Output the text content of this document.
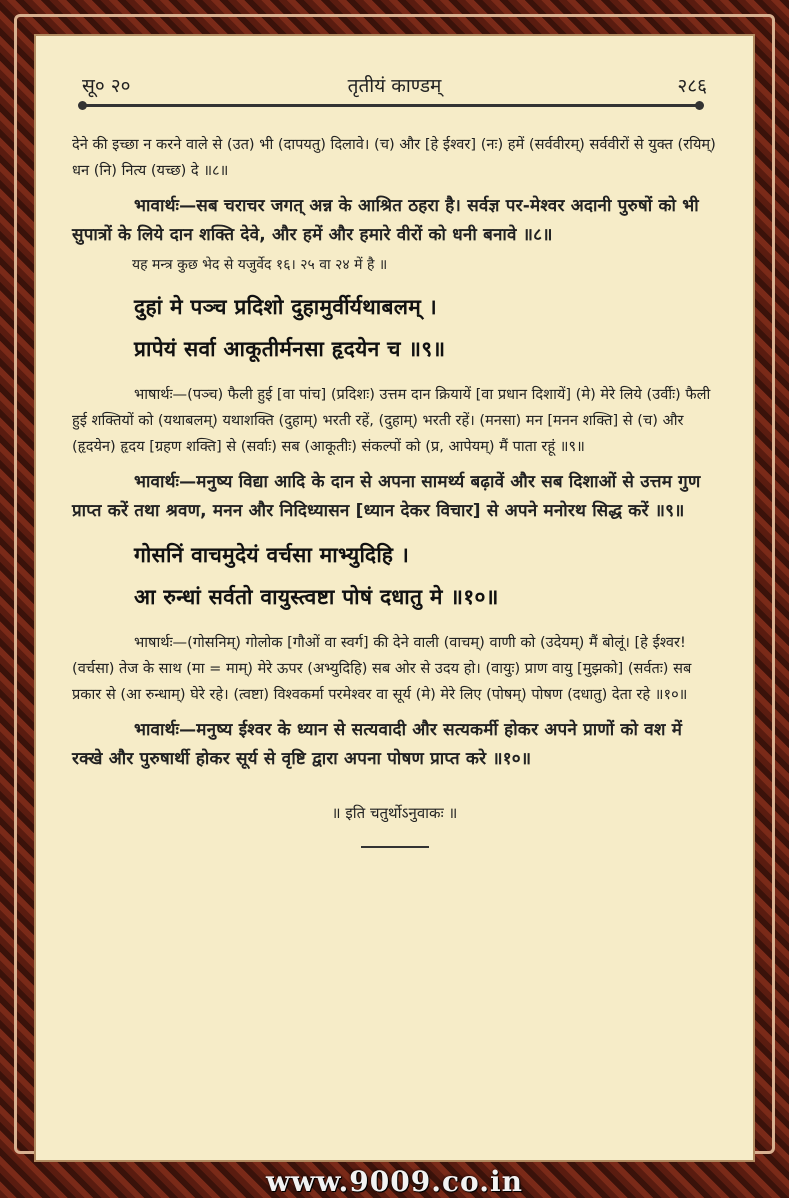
सू० २०	तृतीयं काण्डम्	२८६

देने की इच्छा न करने वाले से (उत) भी (दापयतु) दिलावे। (च) और [हे ईश्वर] (नः) हमें (सर्ववीरम्) सर्ववीरों से युक्त (रयिम्) धन (नि) नित्य (यच्छ) दे ॥८॥

भावार्थः—सब चराचर जगत् अन्न के आश्रित ठहरा है। सर्वज्ञ पर-मेश्वर अदानी पुरुषों को भी सुपात्रों के लिये दान शक्ति देवे, और हमें और हमारे वीरों को धनी बनावे ॥८॥

यह मन्त्र कुछ भेद से यजुर्वेद १६। २५ वा २४ में है ॥

दुहां मे पञ्च प्रदिशो दुहामुर्वीर्यथाबलम् ।

प्रापेयं सर्वा आकूतीर्मनसा हृदयेन च ॥९॥

भाषार्थः—(पञ्च) फैली हुई [वा पांच] (प्रदिशः) उत्तम दान क्रियायें [वा प्रधान दिशायें] (मे) मेरे लिये (उर्वीः) फैली हुई शक्तियों को (यथाबलम्) यथाशक्ति (दुहाम्) भरती रहें, (दुहाम्) भरती रहें। (मनसा) मन [मनन शक्ति] से (च) और (हृदयेन) हृदय [ग्रहण शक्ति] से (सर्वाः) सब (आकूतीः) संकल्पों को (प्र, आपेयम्) मैं पाता रहूं ॥९॥

भावार्थः—मनुष्य विद्या आदि के दान से अपना सामर्थ्य बढ़ावें और सब दिशाओं से उत्तम गुण प्राप्त करें तथा श्रवण, मनन और निदिध्यासन [ध्यान देकर विचार] से अपने मनोरथ सिद्ध करें ॥९॥

गोसनिं वाचमुदेयं वर्चसा माभ्युदिहि ।

आ रुन्धां सर्वतो वायुस्त्वष्टा पोषं दधातु मे ॥१०॥

भाषार्थः—(गोसनिम्) गोलोक [गौओं वा स्वर्ग] की देने वाली (वाचम्) वाणी को (उदेयम्) मैं बोलूं। [हे ईश्वर! (वर्चसा) तेज के साथ (मा = माम्) मेरे ऊपर (अभ्युदिहि) सब ओर से उदय हो। (वायुः) प्राण वायु [मुझको] (सर्वतः) सब प्रकार से (आ रुन्धाम्) घेरे रहे। (त्वष्टा) विश्वकर्मा परमेश्वर वा सूर्य (मे) मेरे लिए (पोषम्) पोषण (दधातु) देता रहे ॥१०॥

भावार्थः—मनुष्य ईश्वर के ध्यान से सत्यवादी और सत्यकर्मी होकर अपने प्राणों को वश में रक्खे और पुरुषार्थी होकर सूर्य से वृष्टि द्वारा अपना पोषण प्राप्त करे ॥१०॥

॥ इति चतुर्थोऽनुवाकः ॥

www.9009.co.in
